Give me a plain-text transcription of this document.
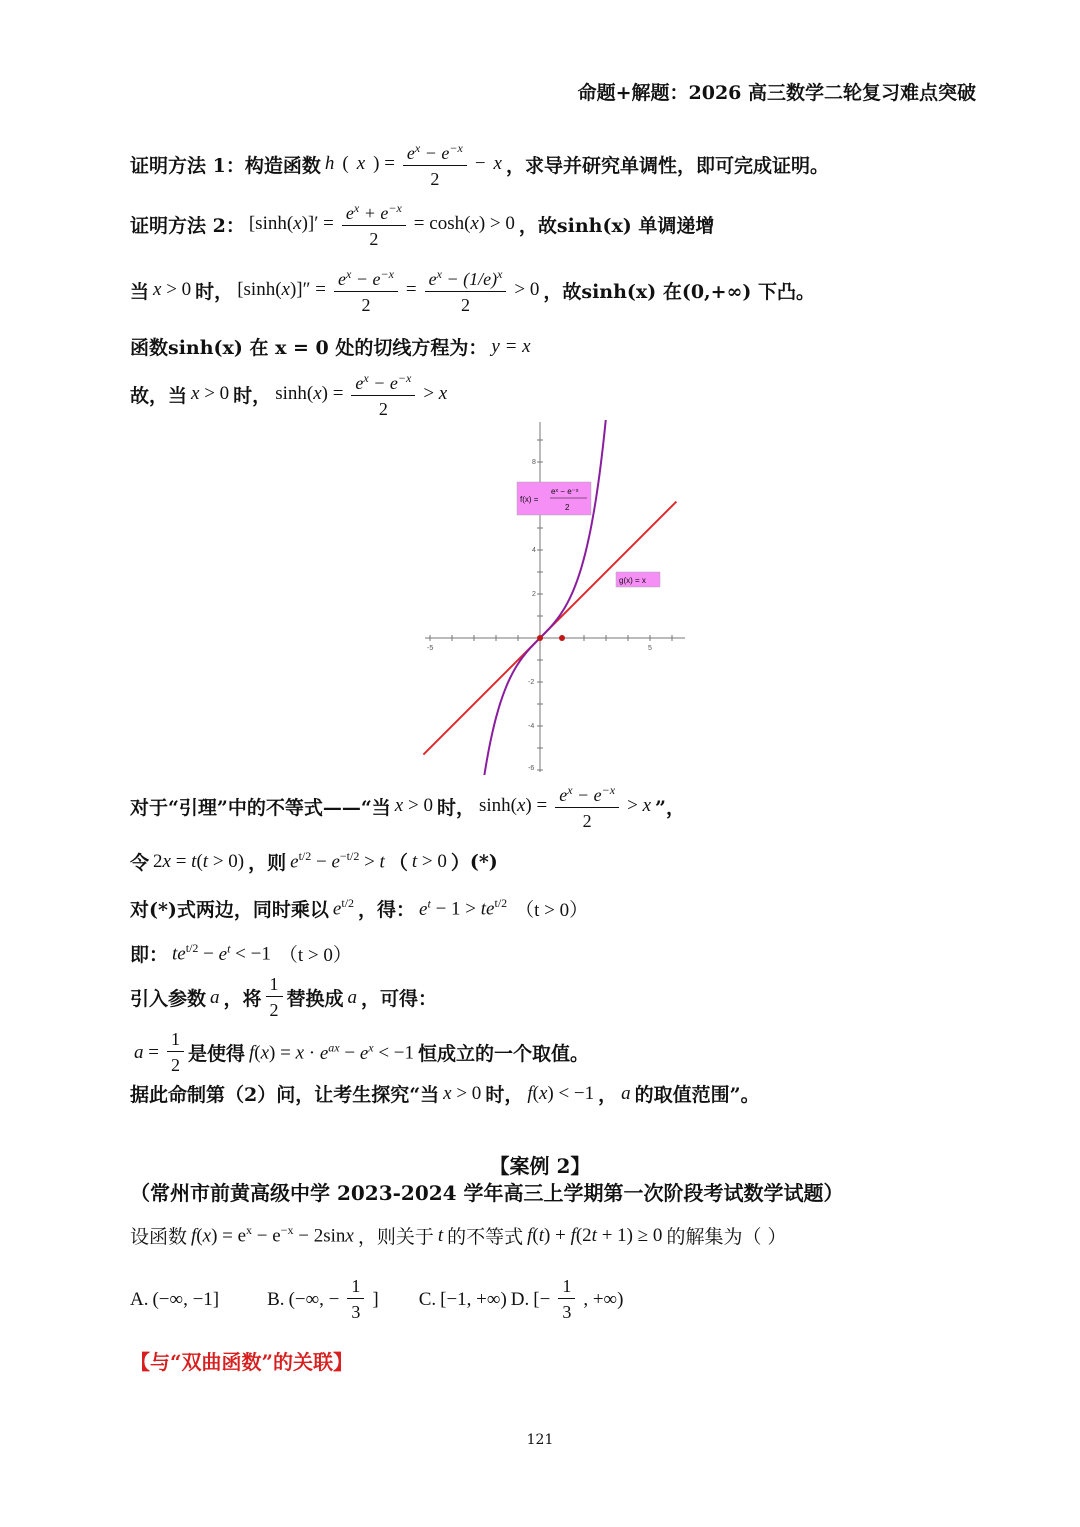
命题+解题：2026 高三数学二轮复习难点突破
证明方法 1： 构造函数 h ( x ) = $\frac{e^x - e^{-x}}{2} - x$ ，求导并研究单调性，即可完成证明。
证明方法 2： $[\sinh(x)]' = \frac{e^x + e^{-x}}{2} = \cosh(x) > 0$ ，故sinh(x) 单调递增
当 x > 0 时， $[\sinh(x)]'' = \frac{e^x - e^{-x}}{2} = \frac{e^x - (1/e)^x}{2} > 0$ ，故sinh(x) 在(0,+∞) 下凸。
函数sinh(x) 在 x = 0 处的切线方程为： y = x
故，当 x > 0 时， $\sinh(x) = \frac{e^x - e^{-x}}{2} > x$
-5	5
8
4
2
-2
-4
-6
f(x) =
eˣ − e⁻ˣ
2
g(x) = x
对于“引理”中的不等式——“当 x > 0 时， $\sinh(x) = \frac{e^x - e^{-x}}{2} > x$ ”，
令 2x = t(t > 0) ，则 $e^{t/2} - e^{-t/2} > t$ （ t > 0 ） (*)
对(*)式两边，同时乘以 $e^{t/2}$ ，得： $e^t - 1 > te^{t/2}$ （t > 0）
即： $te^{t/2} - e^t < -1$ （t > 0）
引入参数 a ，将 $\frac{1}{2}$ 替换成 a ，可得：
$a = \frac{1}{2}$ 是使得 $f(x) = x \cdot e^{ax} - e^x < -1$ 恒成立的一个取值。
据此命制第（2）问，让考生探究“当 x > 0 时， f(x) < −1 ， a 的取值范围”。
【案例 2】
（常州市前黄高级中学 2023-2024 学年高三上学期第一次阶段考试数学试题）
设函数 $f(x) = e^x - e^{-x} - 2\sin x$ ，则关于 t 的不等式 f(t) + f(2t + 1) ≥ 0 的解集为（ ）
A. (−∞, −1]	B. (−∞, − $\frac{1}{3}$ ] C. [−1, +∞) D. [− $\frac{1}{3}$ , +∞)
【与“双曲函数”的关联】
121
